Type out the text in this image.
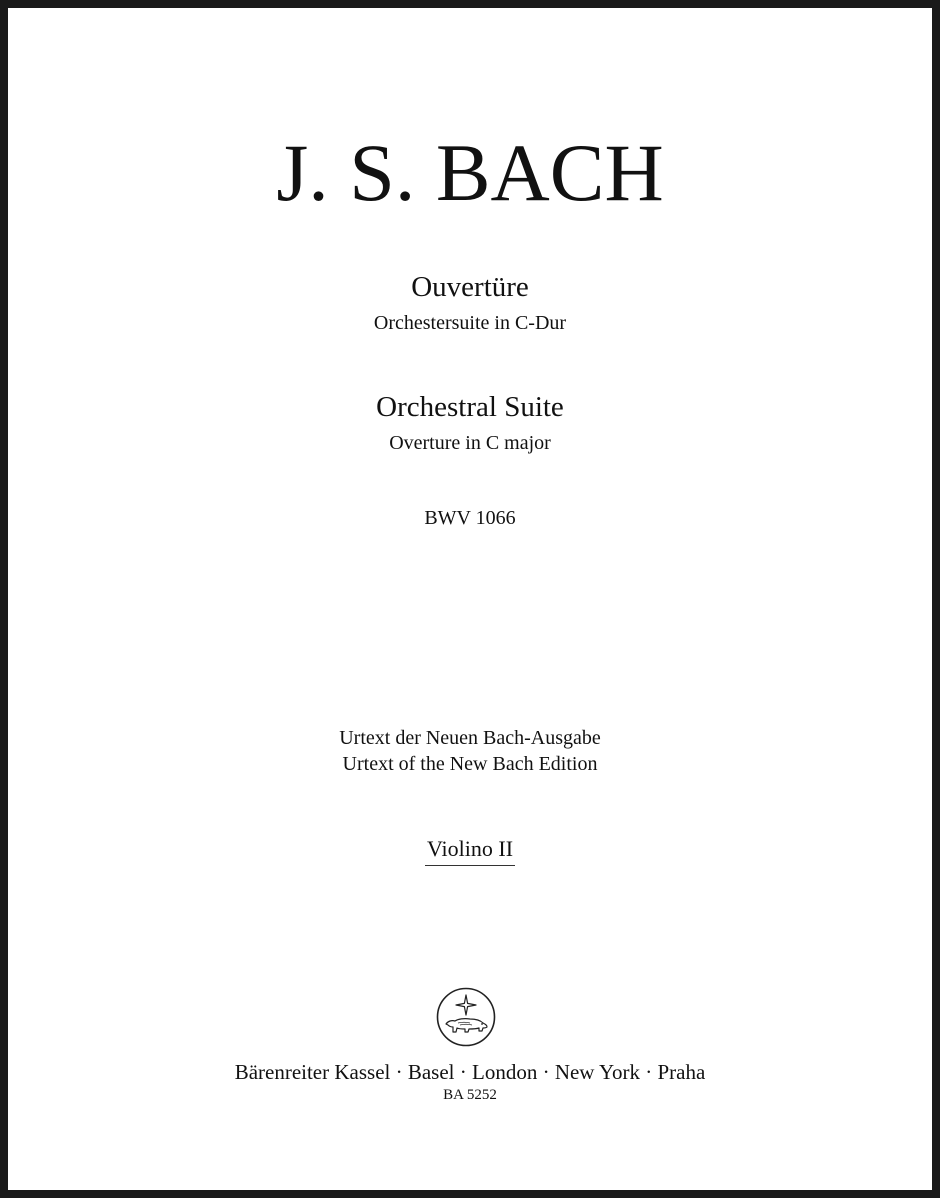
J. S. BACH
Ouvertüre
Orchestersuite in C-Dur
Orchestral Suite
Overture in C major
BWV 1066
Urtext der Neuen Bach-Ausgabe
Urtext of the New Bach Edition
Violino II
Bärenreiter Kassel · Basel · London · New York · Praha
BA 5252
